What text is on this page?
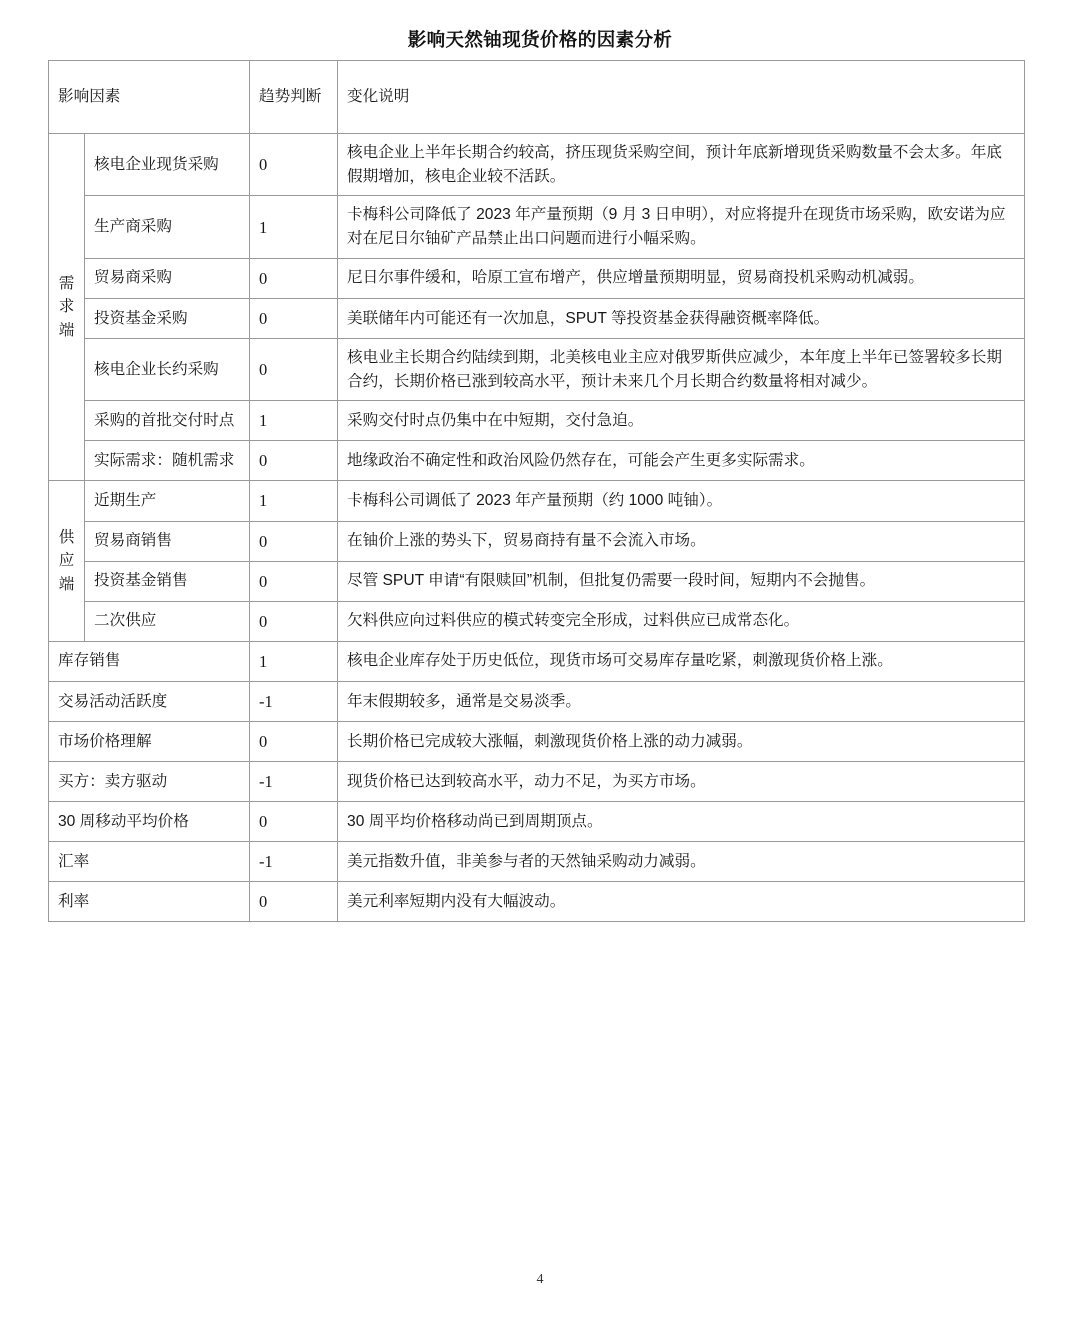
影响天然铀现货价格的因素分析
影响因素		趋势判断	变化说明

需
求
端	核电企业现货采购	0	核电企业上半年长期合约较高，挤压现货采购空间，预计年底新增现货采购数量不会太多。年底假期增加，核电企业较不活跃。
	生产商采购	1	卡梅科公司降低了 2023 年产量预期（9 月 3 日申明），对应将提升在现货市场采购，欧安诺为应对在尼日尔铀矿产品禁止出口问题而进行小幅采购。
	贸易商采购	0	尼日尔事件缓和，哈原工宣布增产，供应增量预期明显，贸易商投机采购动机减弱。
	投资基金采购	0	美联储年内可能还有一次加息，SPUT 等投资基金获得融资概率降低。
	核电企业长约采购	0	核电业主长期合约陆续到期，北美核电业主应对俄罗斯供应减少，本年度上半年已签署较多长期合约，长期价格已涨到较高水平，预计未来几个月长期合约数量将相对减少。
	采购的首批交付时点	1	采购交付时点仍集中在中短期，交付急迫。
	实际需求：随机需求	0	地缘政治不确定性和政治风险仍然存在，可能会产生更多实际需求。

供
应
端	近期生产	1	卡梅科公司调低了 2023 年产量预期（约 1000 吨铀）。
	贸易商销售	0	在铀价上涨的势头下，贸易商持有量不会流入市场。
	投资基金销售	0	尽管 SPUT 申请“有限赎回”机制，但批复仍需要一段时间，短期内不会抛售。
	二次供应	0	欠料供应向过料供应的模式转变完全形成，过料供应已成常态化。
库存销售		1	核电企业库存处于历史低位，现货市场可交易库存量吃紧，刺激现货价格上涨。
交易活动活跃度		-1	年末假期较多，通常是交易淡季。
市场价格理解		0	长期价格已完成较大涨幅，刺激现货价格上涨的动力减弱。
买方：卖方驱动		-1	现货价格已达到较高水平，动力不足，为买方市场。
30 周移动平均价格		0	30 周平均价格移动尚已到周期顶点。
汇率		-1	美元指数升值，非美参与者的天然铀采购动力减弱。
利率		0	美元利率短期内没有大幅波动。
4
